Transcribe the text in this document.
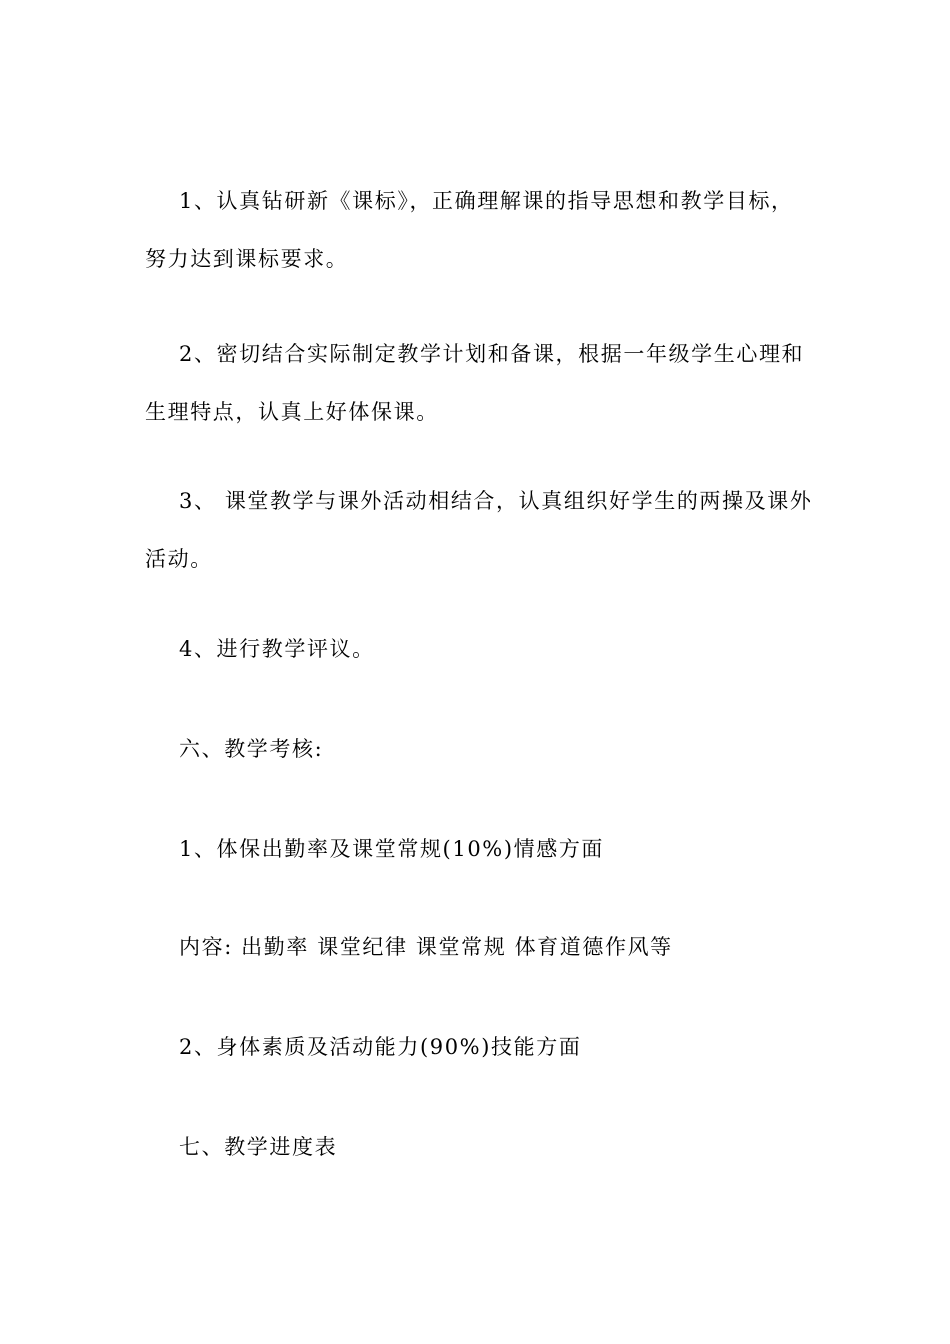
1、认真钻研新《课标》，正确理解课的指导思想和教学目标，努力达到课标要求。

2、密切结合实际制定教学计划和备课，根据一年级学生心理和生理特点，认真上好体保课。

3、 课堂教学与课外活动相结合，认真组织好学生的两操及课外活动。

4、进行教学评议。

六、教学考核:

1、体保出勤率及课堂常规(10%)情感方面

内容: 出勤率 课堂纪律 课堂常规 体育道德作风等

2、身体素质及活动能力(90%)技能方面

七、教学进度表
